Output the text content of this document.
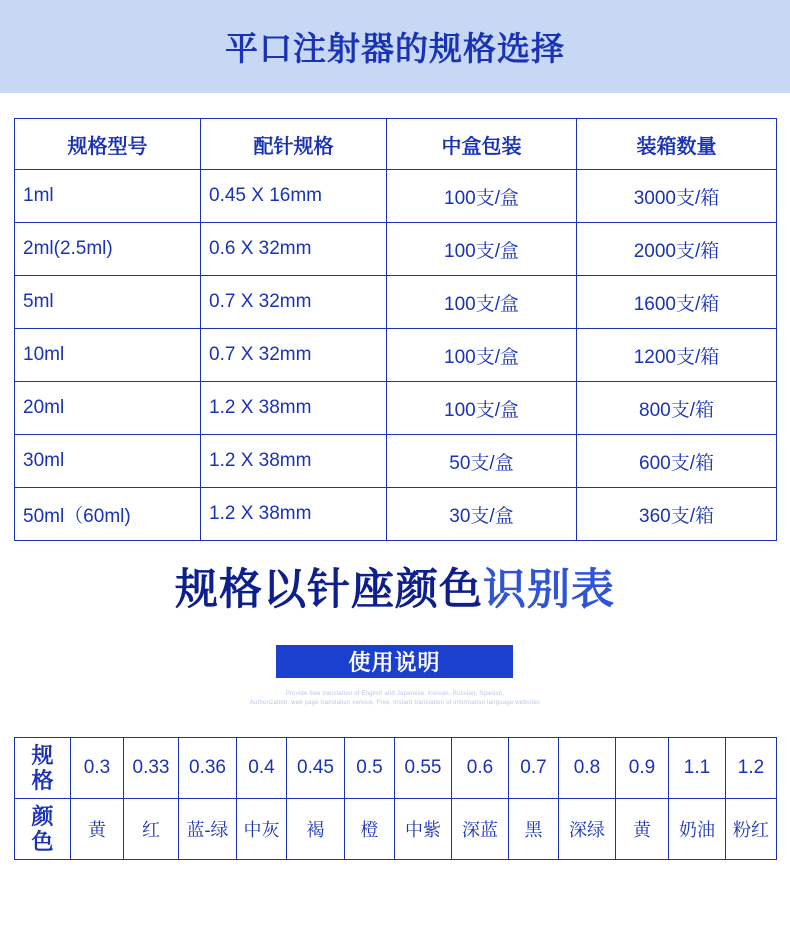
平口注射器的规格选择
规格型号	配针规格	中盒包装	装箱数量
1ml	0.45 X 16mm	100支/盒	3000支/箱
2ml(2.5ml)	0.6 X 32mm	100支/盒	2000支/箱
5ml	0.7 X 32mm	100支/盒	1600支/箱
10ml	0.7 X 32mm	100支/盒	1200支/箱
20ml	1.2 X 38mm	100支/盒	800支/箱
30ml	1.2 X 38mm	50支/盒	600支/箱
50ml（60ml)	1.2 X 38mm	30支/盒	360支/箱
规格以针座颜色识别表
使用说明
Provide free translation of English and Japanese, Korean, Russian, Spanish,
Authorization: web page translation service, Free, instant translation of information language websites
规格	0.3	0.33	0.36	0.4	0.45	0.5	0.55	0.6	0.7	0.8	0.9	1.1	1.2

颜色	黄	红	蓝-绿	中灰	褐	橙	中紫	深蓝	黑	深绿	黄	奶油	粉红
